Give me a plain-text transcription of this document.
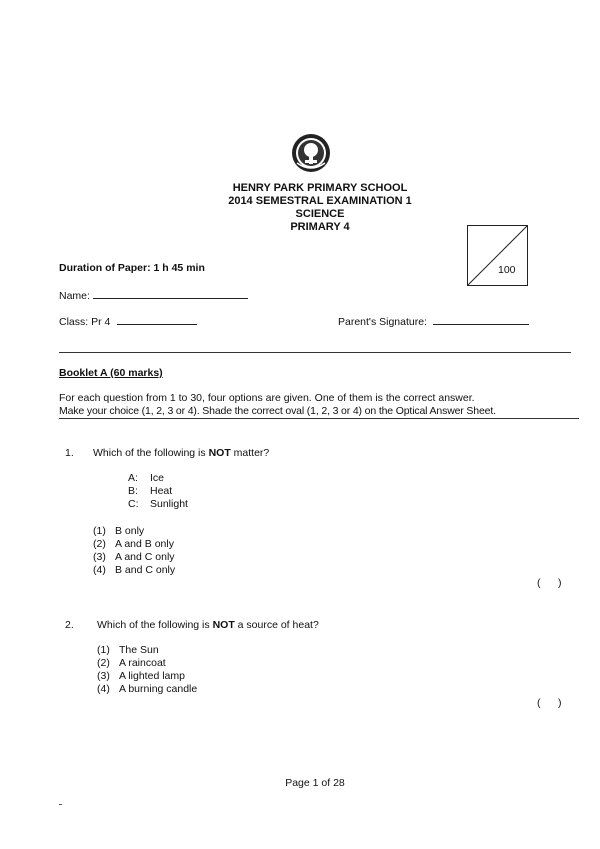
HENRY PARK PRIMARY SCHOOL
2014 SEMESTRAL EXAMINATION 1
SCIENCE
PRIMARY 4
100
Duration of Paper: 1 h 45 min
Name:
Class: Pr 4	Parent's Signature:
Booklet A (60 marks)
For each question from 1 to 30, four options are given. One of them is the correct answer.
Make your choice (1, 2, 3 or 4). Shade the correct oval (1, 2, 3 or 4) on the Optical Answer Sheet.
1. Which of the following is NOT matter?
A: Ice
B: Heat
C: Sunlight
(1) B only
(2) A and B only
(3) A and C only
(4) B and C only
(      )
2. Which of the following is NOT a source of heat?
(1) The Sun
(2) A raincoat
(3) A lighted lamp
(4) A burning candle
(      )
Page 1 of 28
